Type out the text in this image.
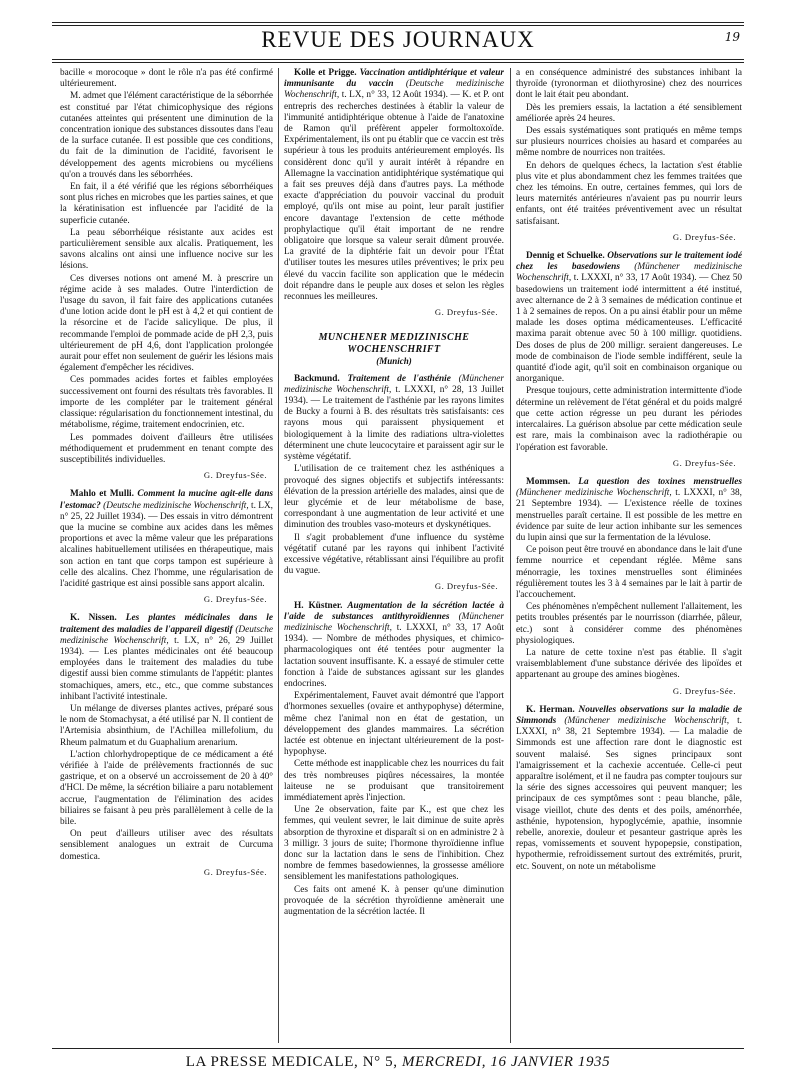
REVUE DES JOURNAUX	19

bacille « morocoque » dont le rôle n'a pas été confirmé ultérieurement.

M. admet que l'élément caractéristique de la séborrhée est constitué par l'état chimicophysique des régions cutanées atteintes qui présentent une diminution de la concentration ionique des substances dissoutes dans l'eau de la surface cutanée. Il est possible que ces conditions, du fait de la diminution de l'acidité, favorisent le développement des agents microbiens ou mycéliens qu'on a trouvés dans les séborrhées.

En fait, il a été vérifié que les régions séborrhéiques sont plus riches en microbes que les parties saines, et que la kératinisation est influencée par l'acidité de la superficie cutanée.

La peau séborrhéique résistante aux acides est particulièrement sensible aux alcalis. Pratiquement, les savons alcalins ont ainsi une influence nocive sur les lésions.

Ces diverses notions ont amené M. à prescrire un régime acide à ses malades. Outre l'interdiction de l'usage du savon, il fait faire des applications cutanées d'une lotion acide dont le pH est à 4,2 et qui contient de la résorcine et de l'acide salicylique. De plus, il recommande l'emploi de pommade acide de pH 2,3, puis ultérieurement de pH 4,6, dont l'application prolongée aurait pour effet non seulement de guérir les lésions mais également d'empêcher les récidives.

Ces pommades acides fortes et faibles employées successivement ont fourni des résultats très favorables. Il importe de les compléter par le traitement général classique: régularisation du fonctionnement intestinal, du métabolisme, régime, traitement endocrinien, etc.

Les pommades doivent d'ailleurs être utilisées méthodiquement et prudemment en tenant compte des susceptibilités individuelles.

G. Dreyfus-Sée.

Mahlo et Mulli. Comment la mucine agit-elle dans l'estomac? (Deutsche medizinische Wochenschrift, t. LX, n° 25, 22 Juillet 1934). — Des essais in vitro démontrent que la mucine se combine aux acides dans les mêmes proportions et avec la même valeur que les préparations alcalines habituellement utilisées en thérapeutique, mais son action en tant que corps tampon est supérieure à celle des alcalins. Chez l'homme, une régularisation de l'acidité gastrique est ainsi possible sans apport alcalin.

G. Dreyfus-Sée.

K. Nissen. Les plantes médicinales dans le traitement des maladies de l'appareil digestif (Deutsche medizinische Wochenschrift, t. LX, n° 26, 29 Juillet 1934). — Les plantes médicinales ont été beaucoup employées dans le traitement des maladies du tube digestif aussi bien comme stimulants de l'appétit: plantes stomachiques, amers, etc., etc., que comme substances inhibant l'activité intestinale.

Un mélange de diverses plantes actives, préparé sous le nom de Stomachysat, a été utilisé par N. Il contient de l'Artemisia absinthium, de l'Achillea millefolium, du Rheum palmatum et du Guaphalium arenarium.

L'action chlorhydropeptique de ce médicament a été vérifiée à l'aide de prélèvements fractionnés de suc gastrique, et on a observé un accroissement de 20 à 40° d'HCl. De même, la sécrétion biliaire a paru notablement accrue, l'augmentation de l'élimination des acides biliaires se faisant à peu près parallèlement à celle de la bile.

On peut d'ailleurs utiliser avec des résultats sensiblement analogues un extrait de Curcuma domestica.

G. Dreyfus-Sée.

Kolle et Prigge. Vaccination antidiphtérique et valeur immunisante du vaccin (Deutsche medizinische Wochenschrift, t. LX, n° 33, 12 Août 1934). — K. et P. ont entrepris des recherches destinées à établir la valeur de l'immunité antidiphtérique obtenue à l'aide de l'anatoxine de Ramon qu'il préfèrent appeler formoltoxoïde. Expérimentalement, ils ont pu établir que ce vaccin est très supérieur à tous les produits antérieurement employés. Ils considèrent donc qu'il y aurait intérêt à répandre en Allemagne la vaccination antidiphtérique systématique qui a fait ses preuves déjà dans d'autres pays. La méthode exacte d'appréciation du pouvoir vaccinal du produit employé, qu'ils ont mise au point, leur paraît justifier encore davantage l'extension de cette méthode prophylactique qu'il était important de ne rendre obligatoire que lorsque sa valeur serait dûment prouvée. La gravité de la diphtérie fait un devoir pour l'État d'utiliser toutes les mesures utiles préventives; le prix peu élevé du vaccin facilite son application que le médecin doit répandre dans le peuple aux doses et selon les règles reconnues les meilleures.

G. Dreyfus-Sée.
MUNCHENER MEDIZINISCHE WOCHENSCHRIFT
(Munich)

Backmund. Traitement de l'asthénie (Münchener medizinische Wochenschrift, t. LXXXI, n° 28, 13 Juillet 1934). — Le traitement de l'asthénie par les rayons limites de Bucky a fourni à B. des résultats très satisfaisants: ces rayons mous qui paraissent physiquement et biologiquement à la limite des radiations ultra-violettes déterminent une chute leucocytaire et paraissent agir sur le système végétatif.

L'utilisation de ce traitement chez les asthéniques a provoqué des signes objectifs et subjectifs intéressants: élévation de la pression artérielle des malades, ainsi que de leur glycémie et de leur métabolisme de base, correspondant à une augmentation de leur activité et une diminution des troubles vaso-moteurs et dyskynétiques.

Il s'agit probablement d'une influence du système végétatif cutané par les rayons qui inhibent l'activité excessive végétative, rétablissant ainsi l'équilibre au profit du vague.

G. Dreyfus-Sée.

H. Küstner. Augmentation de la sécrétion lactée à l'aide de substances antithyroïdiennes (Münchener medizinische Wochenschrift, t. LXXXI, n° 33, 17 Août 1934). — Nombre de méthodes physiques, et chimico-pharmacologiques ont été tentées pour augmenter la lactation souvent insuffisante. K. a essayé de stimuler cette fonction à l'aide de substances agissant sur les glandes endocrines.

Expérimentalement, Fauvet avait démontré que l'apport d'hormones sexuelles (ovaire et anthypophyse) détermine, même chez l'animal non en état de gestation, un développement des glandes mammaires. La sécrétion lactée est obtenue en injectant ultérieurement de la post-hypophyse.

Cette méthode est inapplicable chez les nourrices du fait des très nombreuses piqûres nécessaires, la montée laiteuse ne se produisant que transitoirement immédiatement après l'injection.

Une 2e observation, faite par K., est que chez les femmes, qui veulent sevrer, le lait diminue de suite après absorption de thyroxine et disparaît si on en administre 2 à 3 milligr. 3 jours de suite; l'hormone thyroïdienne influe donc sur la lactation dans le sens de l'inhibition. Chez nombre de femmes basedowiennes, la grossesse améliore sensiblement les manifestations pathologiques.

Ces faits ont amené K. à penser qu'une diminution provoquée de la sécrétion thyroïdienne amènerait une augmentation de la sécrétion lactée. Il

a en conséquence administré des substances inhibant la thyroïde (tyronorman et diiothyrosine) chez des nourrices dont le lait était peu abondant.

Dès les premiers essais, la lactation a été sensiblement améliorée après 24 heures.

Des essais systématiques sont pratiqués en même temps sur plusieurs nourrices choisies au hasard et comparées au même nombre de nourrices non traitées.

En dehors de quelques échecs, la lactation s'est établie plus vite et plus abondamment chez les femmes traitées que chez les témoins. En outre, certaines femmes, qui lors de leurs maternités antérieures n'avaient pas pu nourrir leurs enfants, ont été traitées préventivement avec un résultat satisfaisant.

G. Dreyfus-Sée.

Dennig et Schuelke. Observations sur le traitement iodé chez les basedowiens (Münchener medizinische Wochenschrift, t. LXXXI, n° 33, 17 Août 1934). — Chez 50 basedowiens un traitement iodé intermittent a été institué, avec alternance de 2 à 3 semaines de médication continue et 1 à 2 semaines de repos. On a pu ainsi établir pour un même malade les doses optima médicamenteuses. L'efficacité maxima parait obtenue avec 50 à 100 milligr. quotidiens. Des doses de plus de 200 milligr. seraient dangereuses. Le mode de combinaison de l'iode semble indifférent, seule la quantité d'iode agit, qu'il soit en combinaison organique ou anorganique.

Presque toujours, cette administration intermittente d'iode détermine un relèvement de l'état général et du poids malgré que cette action régresse un peu durant les périodes intercalaires. La guérison absolue par cette médication seule est rare, mais la combinaison avec la radiothérapie ou l'opération est favorable.

G. Dreyfus-Sée.

Mommsen. La question des toxines menstruelles (Münchener medizinische Wochenschrift, t. LXXXI, n° 38, 21 Septembre 1934). — L'existence réelle de toxines menstruelles paraît certaine. Il est possible de les mettre en évidence par suite de leur action inhibante sur les semences du lupin ainsi que sur la fermentation de la lévulose.

Ce poison peut être trouvé en abondance dans le lait d'une femme nourrice et cependant réglée. Même sans ménorragie, les toxines menstruelles sont éliminées régulièrement toutes les 3 à 4 semaines par le lait à partir de l'accouchement.

Ces phénomènes n'empêchent nullement l'allaitement, les petits troubles présentés par le nourrisson (diarrhée, pâleur, etc.) sont à considérer comme des phénomènes physiologiques.

La nature de cette toxine n'est pas établie. Il s'agit vraisemblablement d'une substance dérivée des lipoïdes et appartenant au groupe des amines biogènes.

G. Dreyfus-Sée.

K. Herman. Nouvelles observations sur la maladie de Simmonds (Münchener medizinische Wochenschrift, t. LXXXI, n° 38, 21 Septembre 1934). — La maladie de Simmonds est une affection rare dont le diagnostic est souvent malaisé. Ses signes principaux sont l'amaigrissement et la cachexie accentuée. Celle-ci peut apparaître isolément, et il ne faudra pas compter toujours sur la série des signes accessoires qui peuvent manquer; les principaux de ces symptômes sont : peau blanche, pâle, visage vieillot, chute des dents et des poils, aménorrhée, asthénie, hypotension, hypoglycémie, apathie, insomnie rebelle, anorexie, douleur et pesanteur gastrique après les repas, vomissements et souvent hypopepsie, constipation, hypothermie, refroidissement surtout des extrémités, prurit, etc. Souvent, on note un métabolisme

LA PRESSE MEDICALE, N° 5, MERCREDI, 16 JANVIER 1935
